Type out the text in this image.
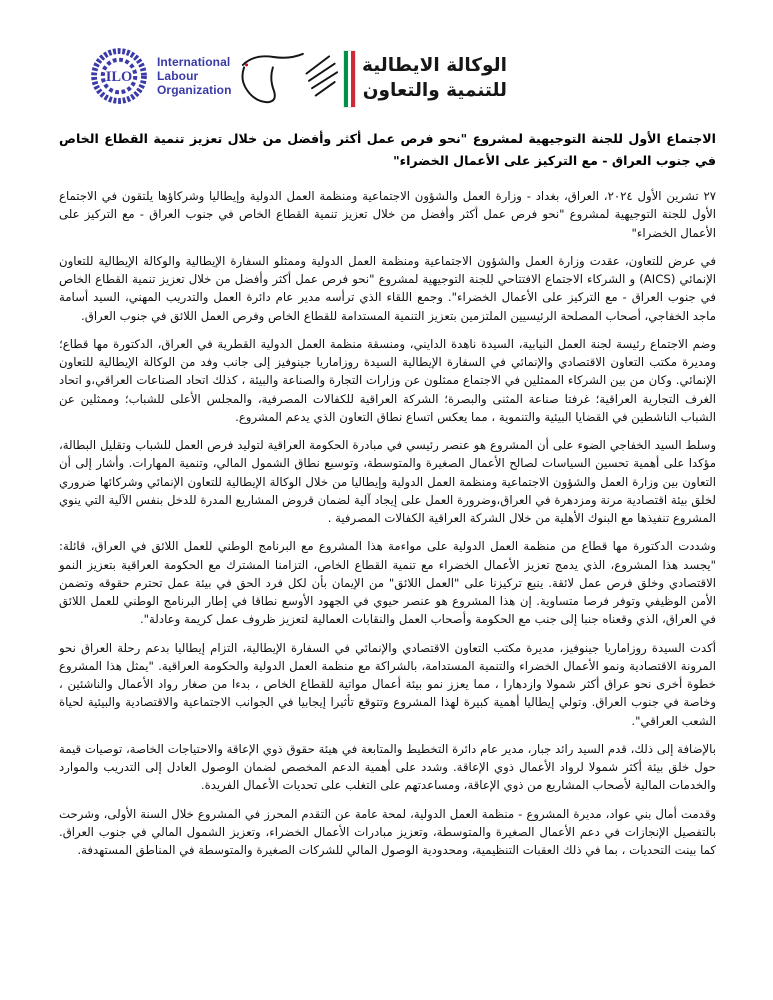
ILO
International
Labour
Organization
الوكالة الايطالية
للتنمية والتعاون
الاجتماع الأول للجنة التوجيهية لمشروع "نحو فرص عمل أكثر وأفضل من خلال تعزيز تنمية القطاع الخاص في جنوب العراق - مع التركيز على الأعمال الخضراء"

٢٧ تشرين الأول ٢٠٢٤، العراق، بغداد - وزارة العمل والشؤون الاجتماعية ومنظمة العمل الدولية وإيطاليا وشركاؤها يلتقون في الاجتماع الأول للجنة التوجيهية لمشروع "نحو فرص عمل أكثر وأفضل من خلال تعزيز تنمية القطاع الخاص في جنوب العراق - مع التركيز على الأعمال الخضراء"

في عرض للتعاون، عقدت وزارة العمل والشؤون الاجتماعية ومنظمة العمل الدولية وممثلو السفارة الإيطالية والوكالة الإيطالية للتعاون الإنمائي (AICS) و الشركاء الاجتماع الافتتاحي للجنة التوجيهية لمشروع "نحو فرص عمل أكثر وأفضل من خلال تعزيز تنمية القطاع الخاص في جنوب العراق - مع التركيز على الأعمال الخضراء". وجمع اللقاء الذي ترأسه مدير عام دائرة العمل والتدريب المهني، السيد أسامة ماجد الخفاجي، أصحاب المصلحة الرئيسيين الملتزمين بتعزيز التنمية المستدامة للقطاع الخاص وفرص العمل اللائق في جنوب العراق.

وضم الاجتماع رئيسة لجنة العمل النيابية، السيدة ناهدة الدايني، ومنسقة منظمة العمل الدولية القطرية في العراق، الدكتورة مها قطاع؛ ومديرة مكتب التعاون الاقتصادي والإنمائي في السفارة الإيطالية السيدة روزاماريا جينوفيز إلى جانب وفد من الوكالة الإيطالية للتعاون الإنمائي. وكان من بين الشركاء الممثلين في الاجتماع ممثلون عن وزارات التجارة والصناعة والبيئة ، كذلك اتحاد الصناعات العراقي،و اتحاد الغرف التجارية العراقية؛ غرفتا صناعة المثنى والبصرة؛ الشركة العراقية للكفالات المصرفية، والمجلس الأعلى للشباب؛ وممثلين عن الشباب الناشطين في القضايا البيئية والتنموية ، مما يعكس اتساع نطاق التعاون الذي يدعم المشروع.

وسلط السيد الخفاجي الضوء على أن المشروع هو عنصر رئيسي في مبادرة الحكومة العراقية لتوليد فرص العمل للشباب وتقليل البطالة، مؤكدا على أهمية تحسين السياسات لصالح الأعمال الصغيرة والمتوسطة، وتوسيع نطاق الشمول المالي، وتنمية المهارات. وأشار إلى أن التعاون بين وزارة العمل والشؤون الاجتماعية ومنظمة العمل الدولية وإيطاليا من خلال الوكالة الإيطالية للتعاون الإنمائي وشركائها ضروري لخلق بيئة اقتصادية مرنة ومزدهرة في العراق،وضرورة العمل على إيجاد آلية لضمان قروض المشاريع المدرة للدخل بنفس الآلية التي ينوي المشروع تنفيذها مع البنوك الأهلية من خلال الشركة العراقية الكفالات المصرفية .

وشددت الدكتورة مها قطاع من منظمة العمل الدولية على مواءمة هذا المشروع مع البرنامج الوطني للعمل اللائق في العراق، قائلة: "يجسد هذا المشروع، الذي يدمج تعزيز الأعمال الخضراء مع تنمية القطاع الخاص، التزامنا المشترك مع الحكومة العراقية بتعزيز النمو الاقتصادي وخلق فرص عمل لائقة. ينبع تركيزنا على "العمل اللائق" من الإيمان بأن لكل فرد الحق في بيئة عمل تحترم حقوقه وتضمن الأمن الوظيفي وتوفر فرصا متساوية. إن هذا المشروع هو عنصر حيوي في الجهود الأوسع نطاقا في إطار البرنامج الوطني للعمل اللائق في العراق، الذي وقعناه جنبا إلى جنب مع الحكومة وأصحاب العمل والنقابات العمالية لتعزيز ظروف عمل كريمة وعادلة".

أكدت السيدة روزاماريا جينوفيز، مديرة مكتب التعاون الاقتصادي والإنمائي في السفارة الإيطالية، التزام إيطاليا بدعم رحلة العراق نحو المرونة الاقتصادية ونمو الأعمال الخضراء والتنمية المستدامة، بالشراكة مع منظمة العمل الدولية والحكومة العراقية. "يمثل هذا المشروع خطوة أخرى نحو عراق أكثر شمولا وازدهارا ، مما يعزز نمو بيئة أعمال مواتية للقطاع الخاص ، بدءا من صغار رواد الأعمال والناشئين ، وخاصة في جنوب العراق. وتولي إيطاليا أهمية كبيرة لهذا المشروع وتتوقع تأثيرا إيجابيا في الجوانب الاجتماعية والاقتصادية والبيئية لحياة الشعب العراقي".

بالإضافة إلى ذلك، قدم السيد رائد جبار، مدير عام دائرة التخطيط والمتابعة في هيئة حقوق ذوي الإعاقة والاحتياجات الخاصة، توصيات قيمة حول خلق بيئة أكثر شمولا لرواد الأعمال ذوي الإعاقة. وشدد على أهمية الدعم المخصص لضمان الوصول العادل إلى التدريب والموارد والخدمات المالية لأصحاب المشاريع من ذوي الإعاقة، ومساعدتهم على التغلب على تحديات الأعمال الفريدة.

وقدمت أمال بني عواد، مديرة المشروع - منظمة العمل الدولية، لمحة عامة عن التقدم المحرز في المشروع خلال السنة الأولى، وشرحت بالتفصيل الإنجازات في دعم الأعمال الصغيرة والمتوسطة، وتعزيز مبادرات الأعمال الخضراء، وتعزيز الشمول المالي في جنوب العراق. كما بينت التحديات ، بما في ذلك العقبات التنظيمية، ومحدودية الوصول المالي للشركات الصغيرة والمتوسطة في المناطق المستهدفة.
